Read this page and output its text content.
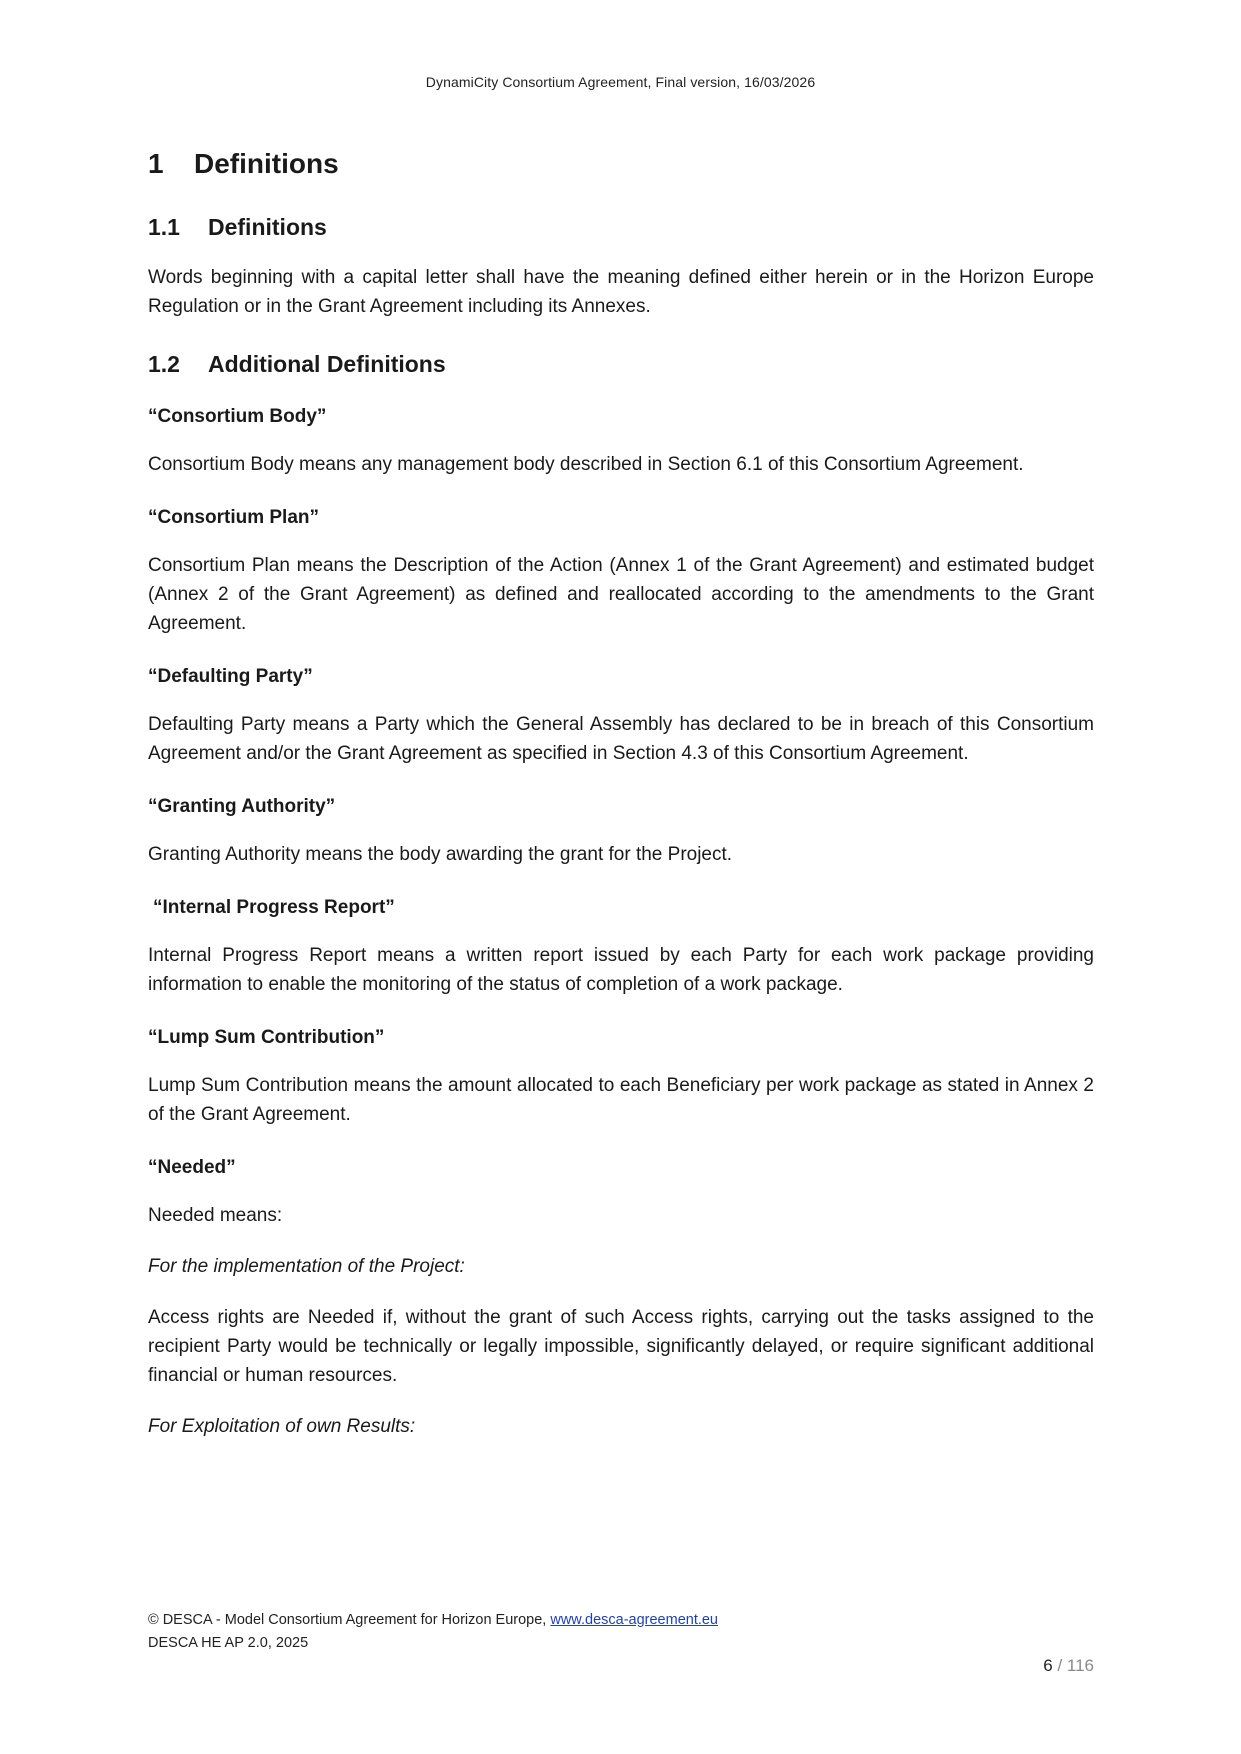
DynamiCity Consortium Agreement, Final version, 16/03/2026
1	Definitions
1.1	Definitions

Words beginning with a capital letter shall have the meaning defined either herein or in the Horizon Europe Regulation or in the Grant Agreement including its Annexes.

1.2	Additional Definitions
“Consortium Body”

Consortium Body means any management body described in Section 6.1 of this Consortium Agreement.

“Consortium Plan”

Consortium Plan means the Description of the Action (Annex 1 of the Grant Agreement) and estimated budget (Annex 2 of the Grant Agreement) as defined and reallocated according to the amendments to the Grant Agreement.

“Defaulting Party”

Defaulting Party means a Party which the General Assembly has declared to be in breach of this Consortium Agreement and/or the Grant Agreement as specified in Section 4.3 of this Consortium Agreement.

“Granting Authority”

Granting Authority means the body awarding the grant for the Project.

“Internal Progress Report”

Internal Progress Report means a written report issued by each Party for each work package providing information to enable the monitoring of the status of completion of a work package.

“Lump Sum Contribution”

Lump Sum Contribution means the amount allocated to each Beneficiary per work package as stated in Annex 2 of the Grant Agreement.

“Needed”

Needed means:

For the implementation of the Project:

Access rights are Needed if, without the grant of such Access rights, carrying out the tasks assigned to the recipient Party would be technically or legally impossible, significantly delayed, or require significant additional financial or human resources.

For Exploitation of own Results:

© DESCA - Model Consortium Agreement for Horizon Europe, www.desca-agreement.eu
DESCA HE AP 2.0, 2025
6 / 116
